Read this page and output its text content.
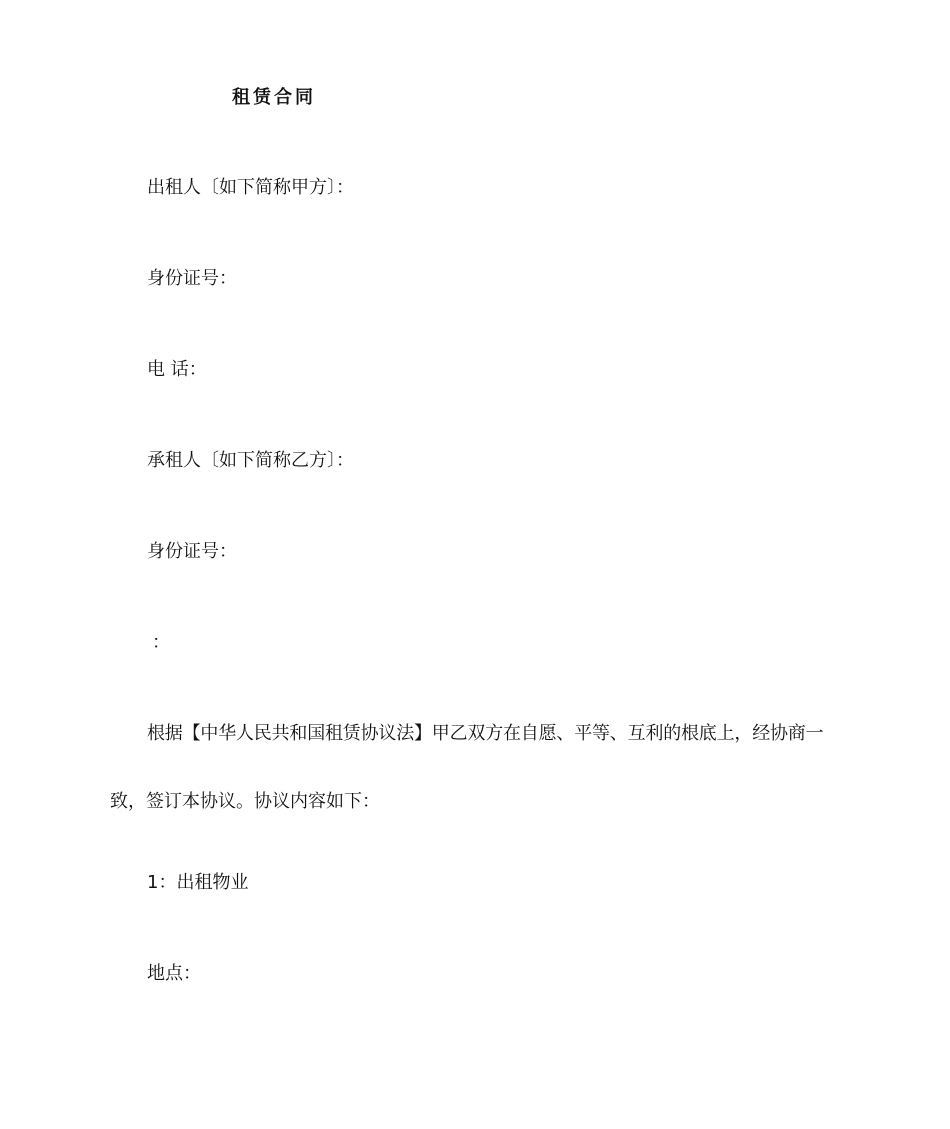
租赁合同
出租人〔如下简称甲方〕：
身份证号：
电 话：
承租人〔如下简称乙方〕：
身份证号：
：
根据【中华人民共和国租赁协议法】甲乙双方在自愿、平等、互利的根底上，经协商一
致，签订本协议。协议内容如下：
1：出租物业
地点：
